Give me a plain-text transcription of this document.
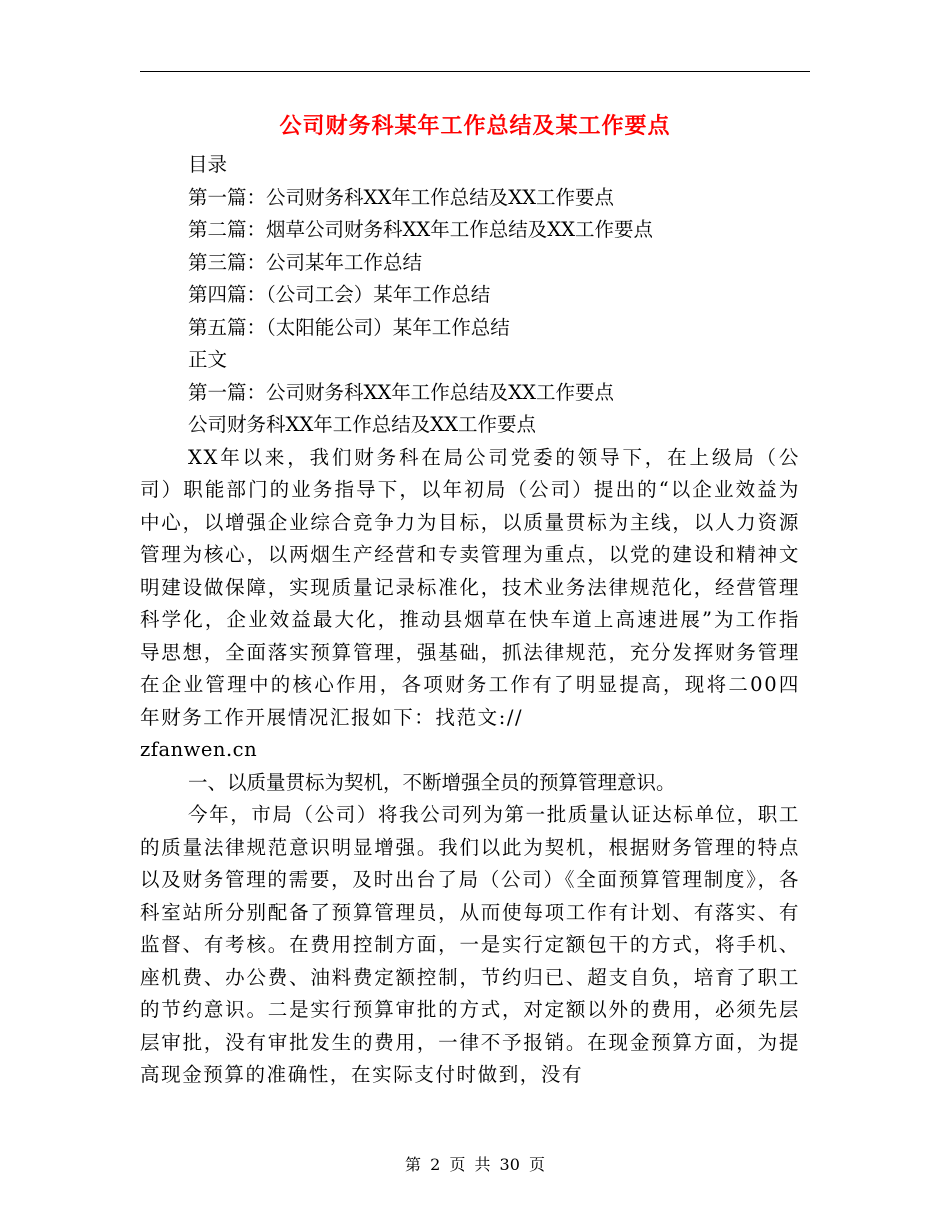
公司财务科某年工作总结及某工作要点

目录

第一篇：公司财务科XX年工作总结及XX工作要点

第二篇：烟草公司财务科XX年工作总结及XX工作要点

第三篇：公司某年工作总结

第四篇：（公司工会）某年工作总结

第五篇：（太阳能公司）某年工作总结

正文

第一篇：公司财务科XX年工作总结及XX工作要点

公司财务科XX年工作总结及XX工作要点

XX年以来，我们财务科在局公司党委的领导下，在上级局（公司）职能部门的业务指导下，以年初局（公司）提出的“以企业效益为中心，以增强企业综合竞争力为目标，以质量贯标为主线，以人力资源管理为核心，以两烟生产经营和专卖管理为重点，以党的建设和精神文明建设做保障，实现质量记录标准化，技术业务法律规范化，经营管理科学化，企业效益最大化，推动县烟草在快车道上高速进展”为工作指导思想，全面落实预算管理，强基础，抓法律规范，充分发挥财务管理在企业管理中的核心作用，各项财务工作有了明显提高，现将二00四年财务工作开展情况汇报如下：找范文://

zfanwen.cn

一、以质量贯标为契机，不断增强全员的预算管理意识。

今年，市局（公司）将我公司列为第一批质量认证达标单位，职工的质量法律规范意识明显增强。我们以此为契机，根据财务管理的特点以及财务管理的需要，及时出台了局（公司）《全面预算管理制度》，各科室站所分别配备了预算管理员，从而使每项工作有计划、有落实、有监督、有考核。在费用控制方面，一是实行定额包干的方式，将手机、座机费、办公费、油料费定额控制，节约归已、超支自负，培育了职工的节约意识。二是实行预算审批的方式，对定额以外的费用，必须先层层审批，没有审批发生的费用，一律不予报销。在现金预算方面，为提高现金预算的准确性，在实际支付时做到，没有

第 2 页 共 30 页
